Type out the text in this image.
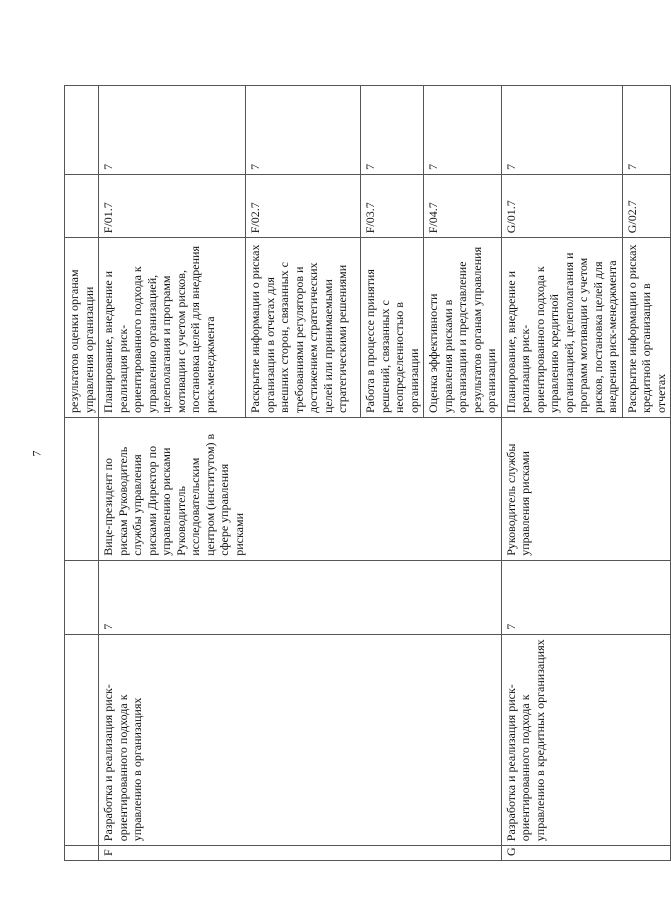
7
				результатов оценки органам управления организации		
F	Разработка и реализация риск-ориентированного подхода к управлению в организациях	7	Вице-президент по рискам Руководитель службы управления рисками Директор по управлению рисками Руководитель исследовательским центром (институтом) в сфере управления рисками	Планирование, внедрение и реализация риск-ориентированного подхода к управлению организацией, целеполагания и программ мотивации с учетом рисков, постановка целей для внедрения риск-менеджмента	F/01.7	7
				Раскрытие информации о рисках организации в отчетах для внешних сторон, связанных с требованиями регуляторов и достижением стратегических целей или принимаемыми стратегическими решениями	F/02.7	7
				Работа в процессе принятия решений, связанных с неопределенностью в организации	F/03.7	7
				Оценка эффективности управления рисками в организации и представление результатов органам управления организации	F/04.7	7
G	Разработка и реализация риск-ориентированного подхода к управлению в кредитных организациях	7	Руководитель службы управления рисками	Планирование, внедрение и реализация риск-ориентированного подхода к управлению кредитной организацией, целеполагания и программ мотивации с учетом рисков, постановка целей для внедрения риск-менеджмента	G/01.7	7
				Раскрытие информации о рисках кредитной организации в отчетах	G/02.7	7
